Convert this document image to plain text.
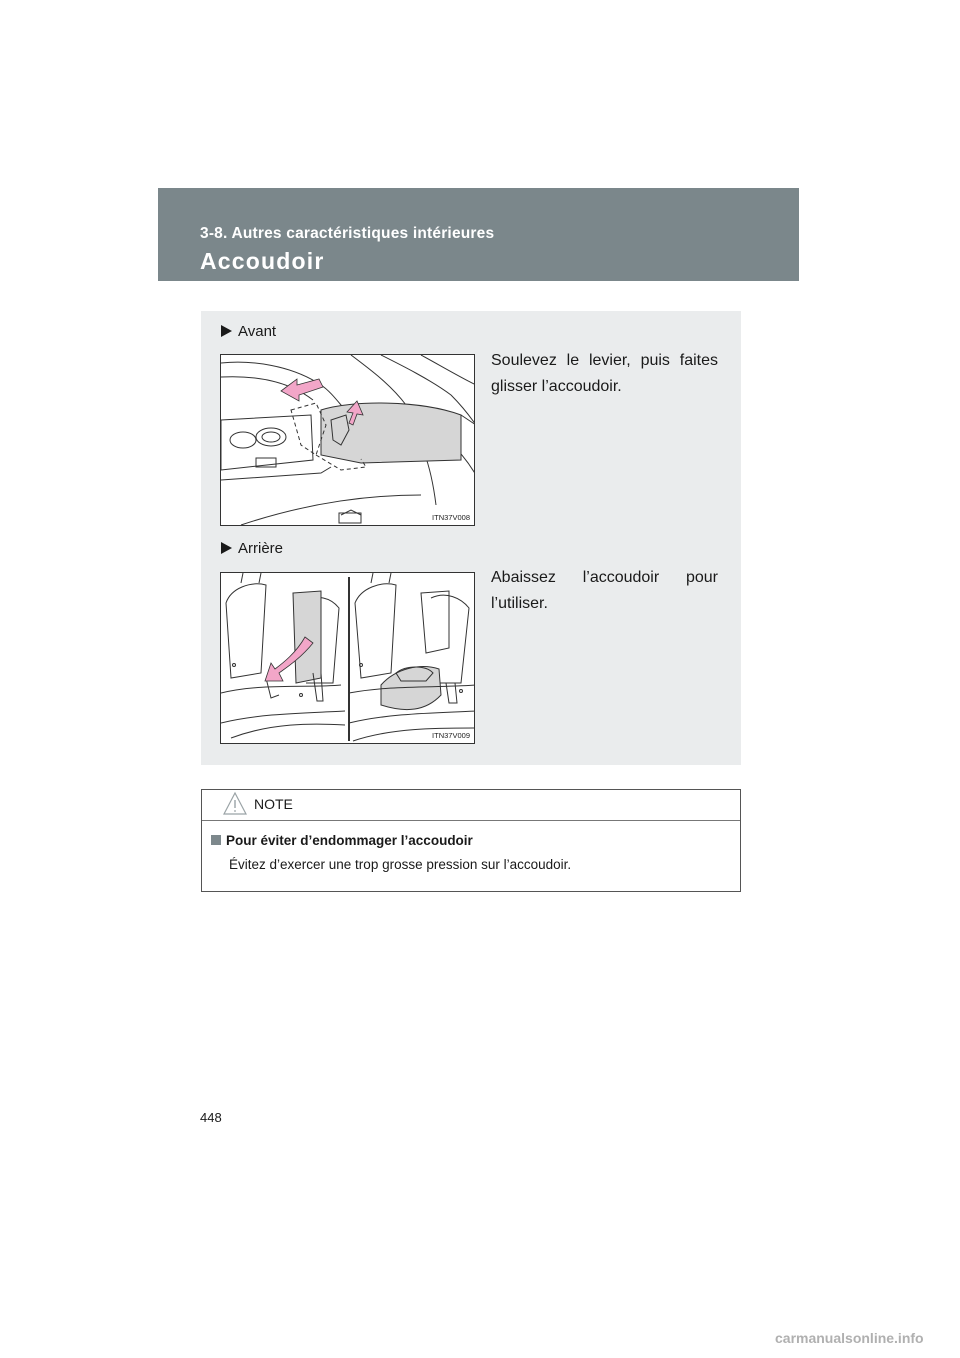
3-8. Autres caractéristiques intérieures
Accoudoir
Avant
Soulevez le levier, puis faites glisser l’accoudoir.
ITN37V008
Arrière
Abaissez l’accoudoir pour
l’utiliser.
ITN37V009
NOTE
Pour éviter d’endommager l’accoudoir
Évitez d’exercer une trop grosse pression sur l’accoudoir.
448
carmanualsonline.info
